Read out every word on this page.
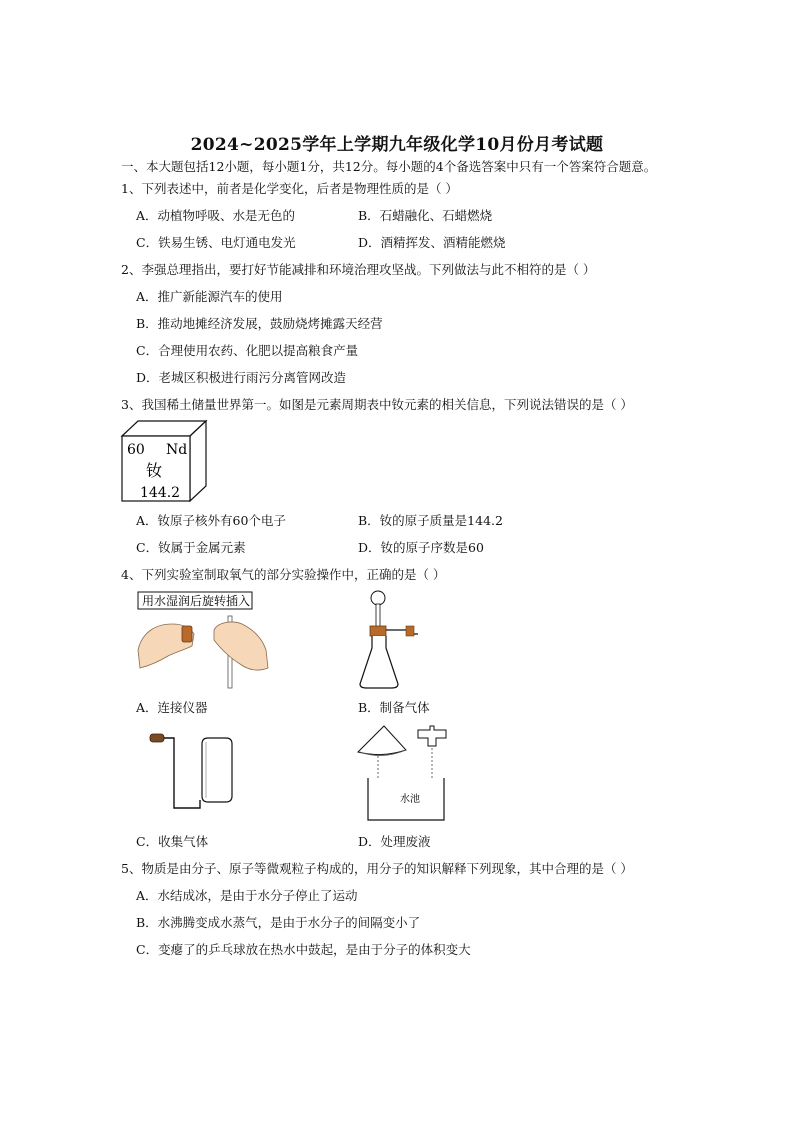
2024~2025学年上学期九年级化学10月份月考试题
一、本大题包括12小题，每小题1分，共12分。每小题的4个备选答案中只有一个答案符合题意。
1、下列表述中，前者是化学变化，后者是物理性质的是（ ）
A．动植物呼吸、水是无色的	B．石蜡融化、石蜡燃烧
C．铁易生锈、电灯通电发光	D．酒精挥发、酒精能燃烧
2、李强总理指出，要打好节能减排和环境治理攻坚战。下列做法与此不相符的是（ ）
A．推广新能源汽车的使用
B．推动地摊经济发展，鼓励烧烤摊露天经营
C．合理使用农药、化肥以提高粮食产量
D．老城区积极进行雨污分离管网改造
3、我国稀土储量世界第一。如图是元素周期表中钕元素的相关信息，下列说法错误的是（ ）
60 Nd
钕
144.2
A．钕原子核外有60个电子	B．钕的原子质量是144.2
C．钕属于金属元素	D．钕的原子序数是60
4、下列实验室制取氧气的部分实验操作中，正确的是（ ）
用水湿润后旋转插入
A．连接仪器	B．制备气体
水池
C．收集气体	D．处理废液
5、物质是由分子、原子等微观粒子构成的，用分子的知识解释下列现象，其中合理的是（ ）
A．水结成冰，是由于水分子停止了运动
B．水沸腾变成水蒸气，是由于水分子的间隔变小了
C．变瘪了的乒乓球放在热水中鼓起，是由于分子的体积变大
